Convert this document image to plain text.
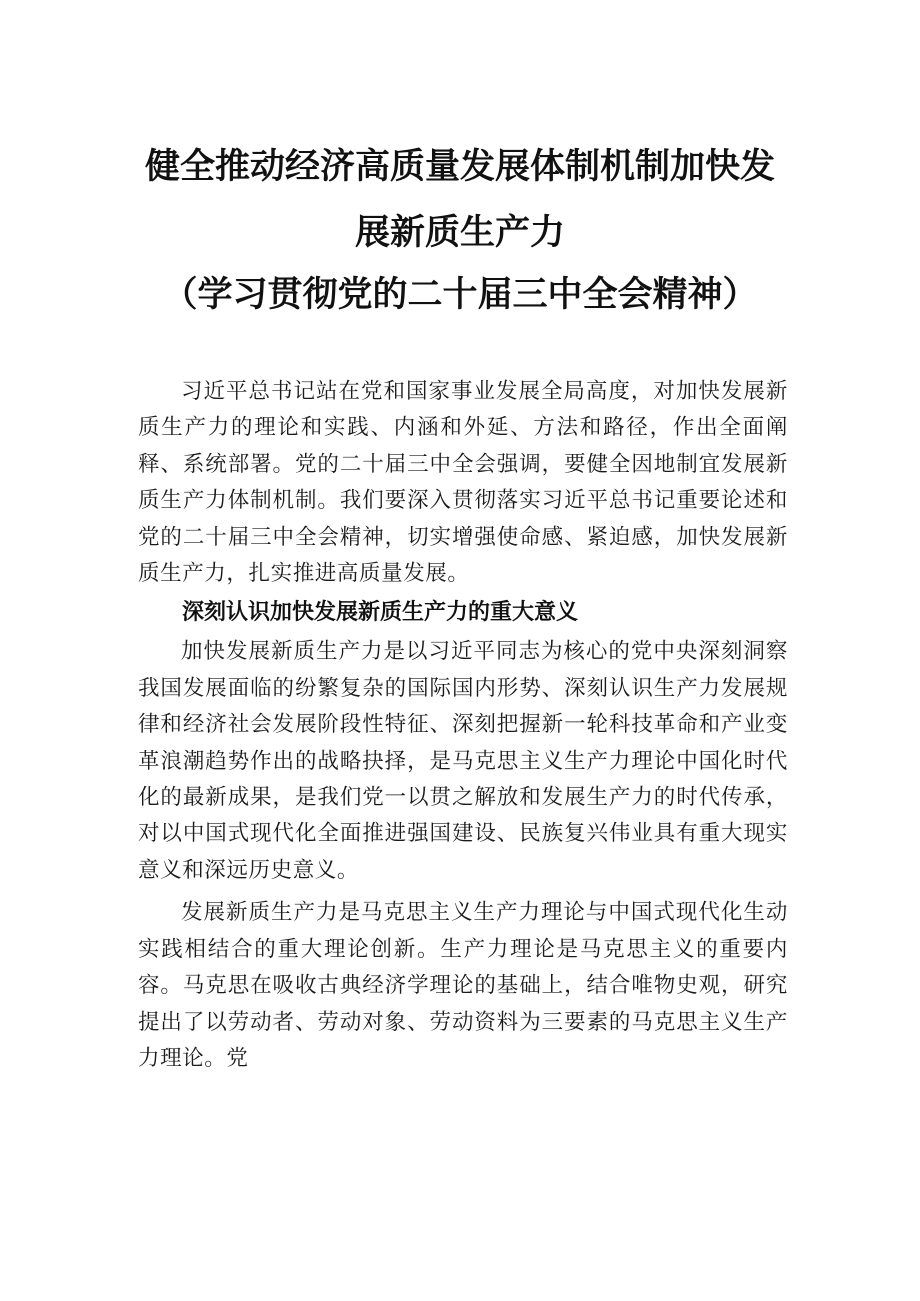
健全推动经济高质量发展体制机制加快发
展新质生产力
（学习贯彻党的二十届三中全会精神）

习近平总书记站在党和国家事业发展全局高度，对加快发展新质生产力的理论和实践、内涵和外延、方法和路径，作出全面阐释、系统部署。党的二十届三中全会强调，要健全因地制宜发展新质生产力体制机制。我们要深入贯彻落实习近平总书记重要论述和党的二十届三中全会精神，切实增强使命感、紧迫感，加快发展新质生产力，扎实推进高质量发展。

深刻认识加快发展新质生产力的重大意义

加快发展新质生产力是以习近平同志为核心的党中央深刻洞察我国发展面临的纷繁复杂的国际国内形势、深刻认识生产力发展规律和经济社会发展阶段性特征、深刻把握新一轮科技革命和产业变革浪潮趋势作出的战略抉择，是马克思主义生产力理论中国化时代化的最新成果，是我们党一以贯之解放和发展生产力的时代传承，对以中国式现代化全面推进强国建设、民族复兴伟业具有重大现实意义和深远历史意义。

发展新质生产力是马克思主义生产力理论与中国式现代化生动实践相结合的重大理论创新。生产力理论是马克思主义的重要内容。马克思在吸收古典经济学理论的基础上，结合唯物史观，研究提出了以劳动者、劳动对象、劳动资料为三要素的马克思主义生产力理论。党
